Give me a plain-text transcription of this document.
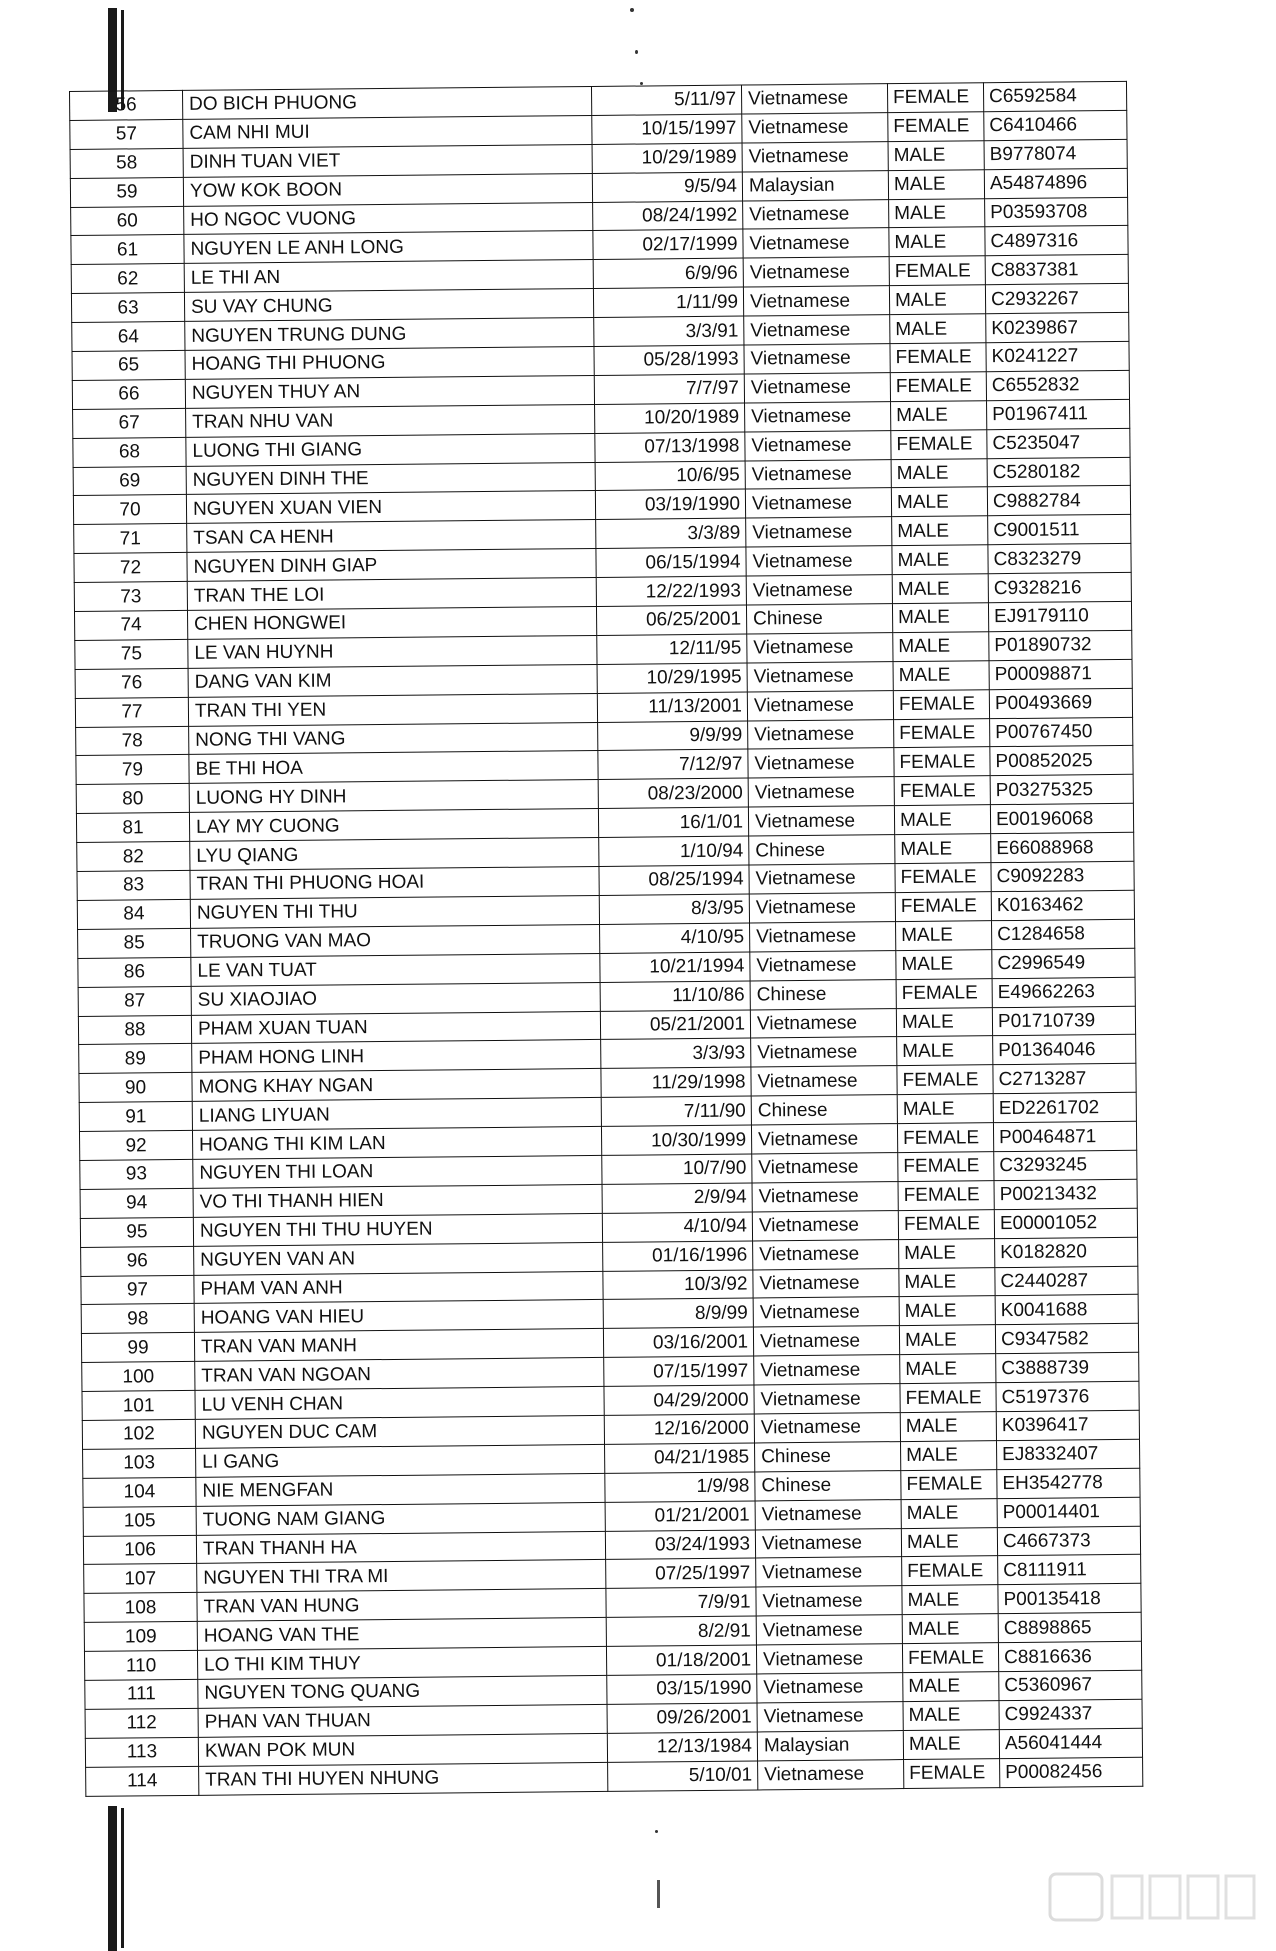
56	DO BICH PHUONG	5/11/97	Vietnamese	FEMALE	C6592584
57	CAM NHI MUI	10/15/1997	Vietnamese	FEMALE	C6410466
58	DINH TUAN VIET	10/29/1989	Vietnamese	MALE	B9778074
59	YOW KOK BOON	9/5/94	Malaysian	MALE	A54874896
60	HO NGOC VUONG	08/24/1992	Vietnamese	MALE	P03593708
61	NGUYEN LE ANH LONG	02/17/1999	Vietnamese	MALE	C4897316
62	LE THI AN	6/9/96	Vietnamese	FEMALE	C8837381
63	SU VAY CHUNG	1/11/99	Vietnamese	MALE	C2932267
64	NGUYEN TRUNG DUNG	3/3/91	Vietnamese	MALE	K0239867
65	HOANG THI PHUONG	05/28/1993	Vietnamese	FEMALE	K0241227
66	NGUYEN THUY AN	7/7/97	Vietnamese	FEMALE	C6552832
67	TRAN NHU VAN	10/20/1989	Vietnamese	MALE	P01967411
68	LUONG THI GIANG	07/13/1998	Vietnamese	FEMALE	C5235047
69	NGUYEN DINH THE	10/6/95	Vietnamese	MALE	C5280182
70	NGUYEN XUAN VIEN	03/19/1990	Vietnamese	MALE	C9882784
71	TSAN CA HENH	3/3/89	Vietnamese	MALE	C9001511
72	NGUYEN DINH GIAP	06/15/1994	Vietnamese	MALE	C8323279
73	TRAN THE LOI	12/22/1993	Vietnamese	MALE	C9328216
74	CHEN HONGWEI	06/25/2001	Chinese	MALE	EJ9179110
75	LE VAN HUYNH	12/11/95	Vietnamese	MALE	P01890732
76	DANG VAN KIM	10/29/1995	Vietnamese	MALE	P00098871
77	TRAN THI YEN	11/13/2001	Vietnamese	FEMALE	P00493669
78	NONG THI VANG	9/9/99	Vietnamese	FEMALE	P00767450
79	BE THI HOA	7/12/97	Vietnamese	FEMALE	P00852025
80	LUONG HY DINH	08/23/2000	Vietnamese	FEMALE	P03275325
81	LAY MY CUONG	16/1/01	Vietnamese	MALE	E00196068
82	LYU QIANG	1/10/94	Chinese	MALE	E66088968
83	TRAN THI PHUONG HOAI	08/25/1994	Vietnamese	FEMALE	C9092283
84	NGUYEN THI THU	8/3/95	Vietnamese	FEMALE	K0163462
85	TRUONG VAN MAO	4/10/95	Vietnamese	MALE	C1284658
86	LE VAN TUAT	10/21/1994	Vietnamese	MALE	C2996549
87	SU XIAOJIAO	11/10/86	Chinese	FEMALE	E49662263
88	PHAM XUAN TUAN	05/21/2001	Vietnamese	MALE	P01710739
89	PHAM HONG LINH	3/3/93	Vietnamese	MALE	P01364046
90	MONG KHAY NGAN	11/29/1998	Vietnamese	FEMALE	C2713287
91	LIANG LIYUAN	7/11/90	Chinese	MALE	ED2261702
92	HOANG THI KIM LAN	10/30/1999	Vietnamese	FEMALE	P00464871
93	NGUYEN THI LOAN	10/7/90	Vietnamese	FEMALE	C3293245
94	VO THI THANH HIEN	2/9/94	Vietnamese	FEMALE	P00213432
95	NGUYEN THI THU HUYEN	4/10/94	Vietnamese	FEMALE	E00001052
96	NGUYEN VAN AN	01/16/1996	Vietnamese	MALE	K0182820
97	PHAM VAN ANH	10/3/92	Vietnamese	MALE	C2440287
98	HOANG VAN HIEU	8/9/99	Vietnamese	MALE	K0041688
99	TRAN VAN MANH	03/16/2001	Vietnamese	MALE	C9347582
100	TRAN VAN NGOAN	07/15/1997	Vietnamese	MALE	C3888739
101	LU VENH CHAN	04/29/2000	Vietnamese	FEMALE	C5197376
102	NGUYEN DUC CAM	12/16/2000	Vietnamese	MALE	K0396417
103	LI GANG	04/21/1985	Chinese	MALE	EJ8332407
104	NIE MENGFAN	1/9/98	Chinese	FEMALE	EH3542778
105	TUONG NAM GIANG	01/21/2001	Vietnamese	MALE	P00014401
106	TRAN THANH HA	03/24/1993	Vietnamese	MALE	C4667373
107	NGUYEN THI TRA MI	07/25/1997	Vietnamese	FEMALE	C8111911
108	TRAN VAN HUNG	7/9/91	Vietnamese	MALE	P00135418
109	HOANG VAN THE	8/2/91	Vietnamese	MALE	C8898865
110	LO THI KIM THUY	01/18/2001	Vietnamese	FEMALE	C8816636
111	NGUYEN TONG QUANG	03/15/1990	Vietnamese	MALE	C5360967
112	PHAN VAN THUAN	09/26/2001	Vietnamese	MALE	C9924337
113	KWAN POK MUN	12/13/1984	Malaysian	MALE	A56041444
114	TRAN THI HUYEN NHUNG	5/10/01	Vietnamese	FEMALE	P00082456
